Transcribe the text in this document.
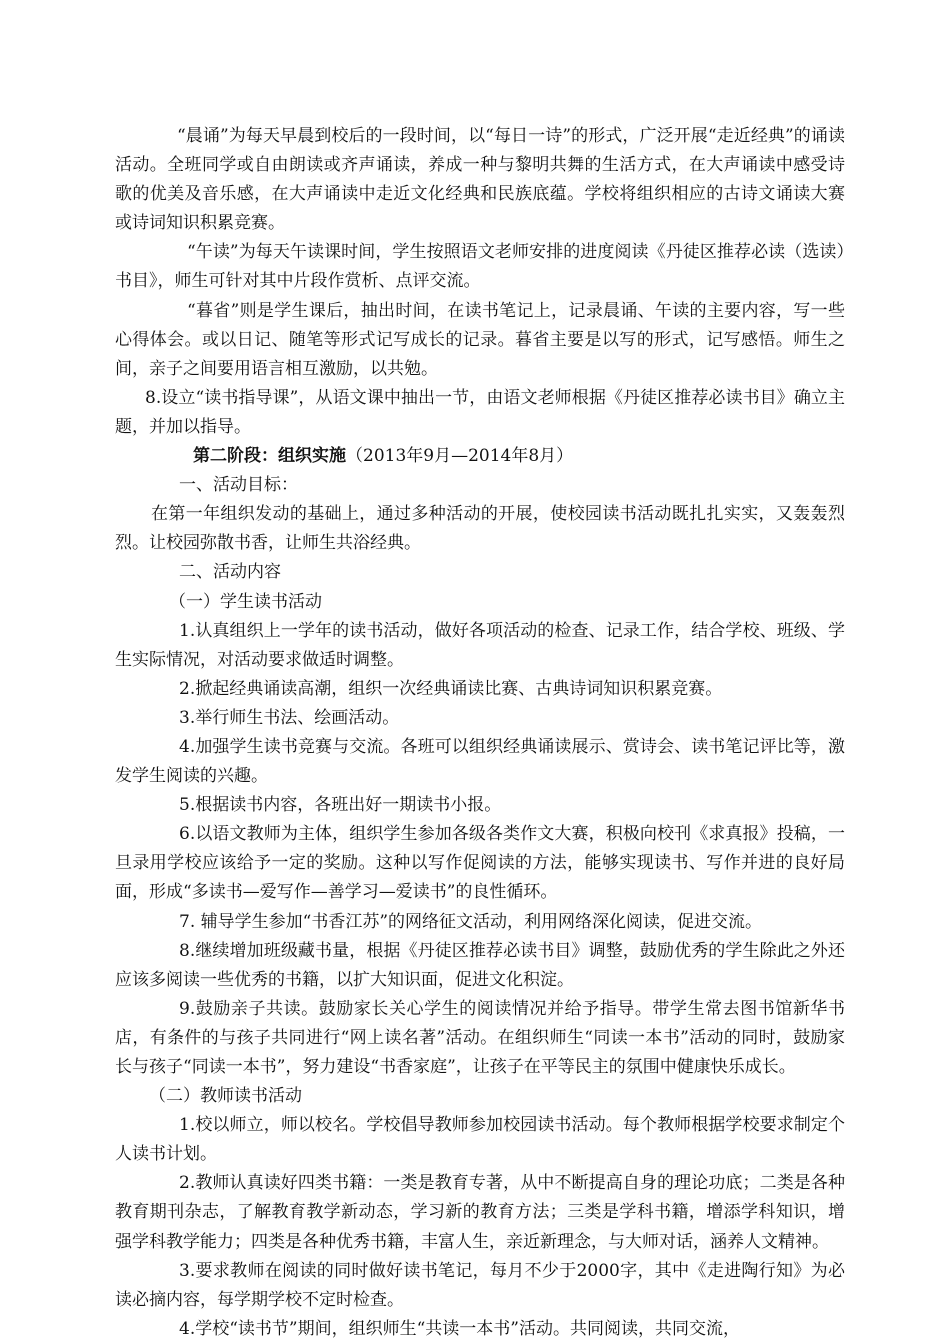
“晨诵”为每天早晨到校后的一段时间，以“每日一诗”的形式，广泛开展“走近经典”的诵读活动。全班同学或自由朗读或齐声诵读，养成一种与黎明共舞的生活方式，在大声诵读中感受诗歌的优美及音乐感，在大声诵读中走近文化经典和民族底蕴。学校将组织相应的古诗文诵读大赛或诗词知识积累竞赛。

“午读”为每天午读课时间，学生按照语文老师安排的进度阅读《丹徒区推荐必读（选读）书目》，师生可针对其中片段作赏析、点评交流。

“暮省”则是学生课后，抽出时间，在读书笔记上，记录晨诵、午读的主要内容，写一些心得体会。或以日记、随笔等形式记写成长的记录。暮省主要是以写的形式，记写感悟。师生之间，亲子之间要用语言相互激励，以共勉。

8.设立“读书指导课”，从语文课中抽出一节，由语文老师根据《丹徒区推荐必读书目》确立主题，并加以指导。

第二阶段：组织实施（2013年9月—2014年8月）

一、活动目标：

在第一年组织发动的基础上，通过多种活动的开展，使校园读书活动既扎扎实实，又轰轰烈烈。让校园弥散书香，让师生共浴经典。

二、活动内容

（一）学生读书活动

1.认真组织上一学年的读书活动，做好各项活动的检查、记录工作，结合学校、班级、学生实际情况，对活动要求做适时调整。

2.掀起经典诵读高潮，组织一次经典诵读比赛、古典诗词知识积累竞赛。

3.举行师生书法、绘画活动。

4.加强学生读书竞赛与交流。各班可以组织经典诵读展示、赏诗会、读书笔记评比等，激发学生阅读的兴趣。

5.根据读书内容，各班出好一期读书小报。

6.以语文教师为主体，组织学生参加各级各类作文大赛，积极向校刊《求真报》投稿，一旦录用学校应该给予一定的奖励。这种以写作促阅读的方法，能够实现读书、写作并进的良好局面，形成“多读书—爱写作—善学习—爱读书”的良性循环。

7. 辅导学生参加“书香江苏”的网络征文活动，利用网络深化阅读，促进交流。

8.继续增加班级藏书量，根据《丹徒区推荐必读书目》调整，鼓励优秀的学生除此之外还应该多阅读一些优秀的书籍，以扩大知识面，促进文化积淀。

9.鼓励亲子共读。鼓励家长关心学生的阅读情况并给予指导。带学生常去图书馆新华书店，有条件的与孩子共同进行“网上读名著”活动。在组织师生“同读一本书”活动的同时，鼓励家长与孩子“同读一本书”，努力建设“书香家庭”，让孩子在平等民主的氛围中健康快乐成长。

（二）教师读书活动

1.校以师立，师以校名。学校倡导教师参加校园读书活动。每个教师根据学校要求制定个人读书计划。

2.教师认真读好四类书籍：一类是教育专著，从中不断提高自身的理论功底；二类是各种教育期刊杂志，了解教育教学新动态，学习新的教育方法；三类是学科书籍，增添学科知识，增强学科教学能力；四类是各种优秀书籍，丰富人生，亲近新理念，与大师对话，涵养人文精神。

3.要求教师在阅读的同时做好读书笔记，每月不少于2000字，其中《走进陶行知》为必读必摘内容，每学期学校不定时检查。

4.学校“读书节”期间，组织师生“共读一本书”活动。共同阅读，共同交流，
